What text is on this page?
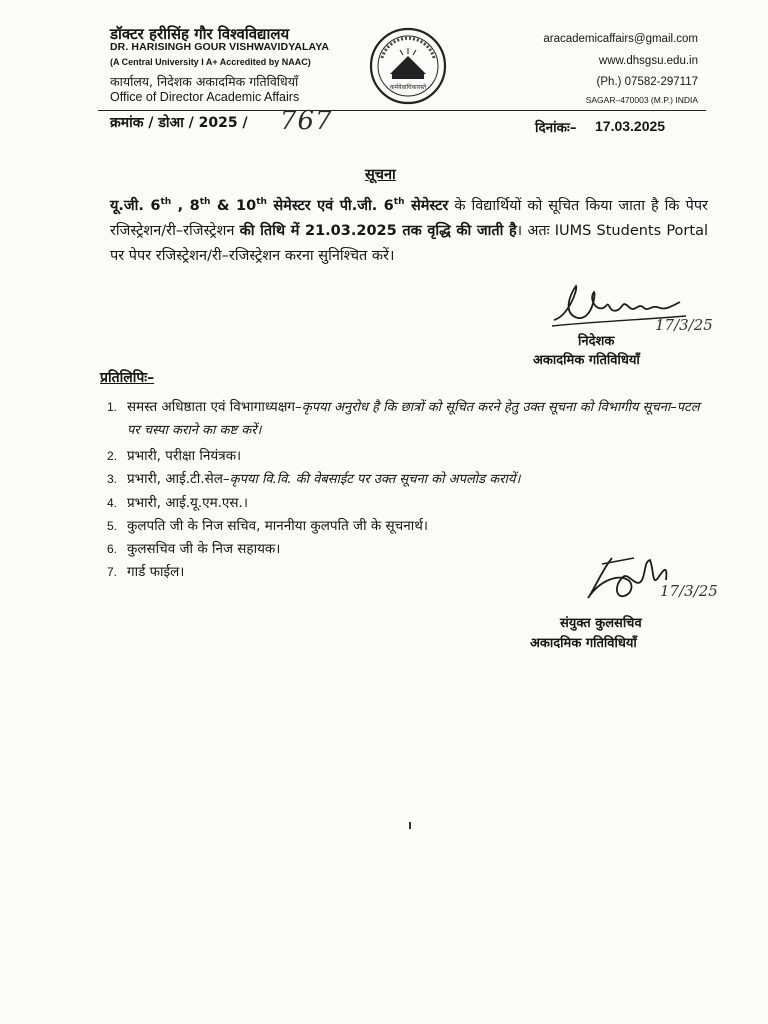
डॉक्टर हरीसिंह गौर विश्वविद्यालय
DR. HARISINGH GOUR VISHWAVIDYALAYA
(A Central University I A+ Accredited by NAAC)
कार्यालय, निदेशक अकादमिक गतिविधियाँ
Office of Director Academic Affairs
कर्मयेवाधिकारस्ते
aracademicaffairs@gmail.com
www.dhsgsu.edu.in
(Ph.) 07582-297117
SAGAR–470003 (M.P.) INDIA
क्रमांक / डोआ / 2025 / 767	दिनांकः– 17.03.2025
सूचना
यू.जी. 6th , 8th & 10th सेमेस्टर एवं पी.जी. 6th सेमेस्टर के विद्यार्थियों को सूचित किया जाता है कि पेपर रजिस्ट्रेशन/री–रजिस्ट्रेशन की तिथि में 21.03.2025 तक वृद्धि की जाती है। अतः IUMS Students Portal पर पेपर रजिस्ट्रेशन/री–रजिस्ट्रेशन करना सुनिश्चित करें।
17/3/25
निदेशक
अकादमिक गतिविधियाँ
प्रतिलिपिः–
1. समस्त अधिष्ठाता एवं विभागाध्यक्षग–कृपया अनुरोध है कि छात्रों को सूचित करने हेतु उक्त सूचना को विभागीय सूचना–पटल पर चस्पा कराने का कष्ट करें।
2. प्रभारी, परीक्षा नियंत्रक।
3. प्रभारी, आई.टी.सेल–कृपया वि.वि. की वेबसाईट पर उक्त सूचना को अपलोड करायें।
4. प्रभारी, आई.यू.एम.एस.।
5. कुलपति जी के निज सचिव, माननीया कुलपति जी के सूचनार्थ।
6. कुलसचिव जी के निज सहायक।
7. गार्ड फाईल।
17/3/25
संयुक्त कुलसचिव
अकादमिक गतिविधियाँ
